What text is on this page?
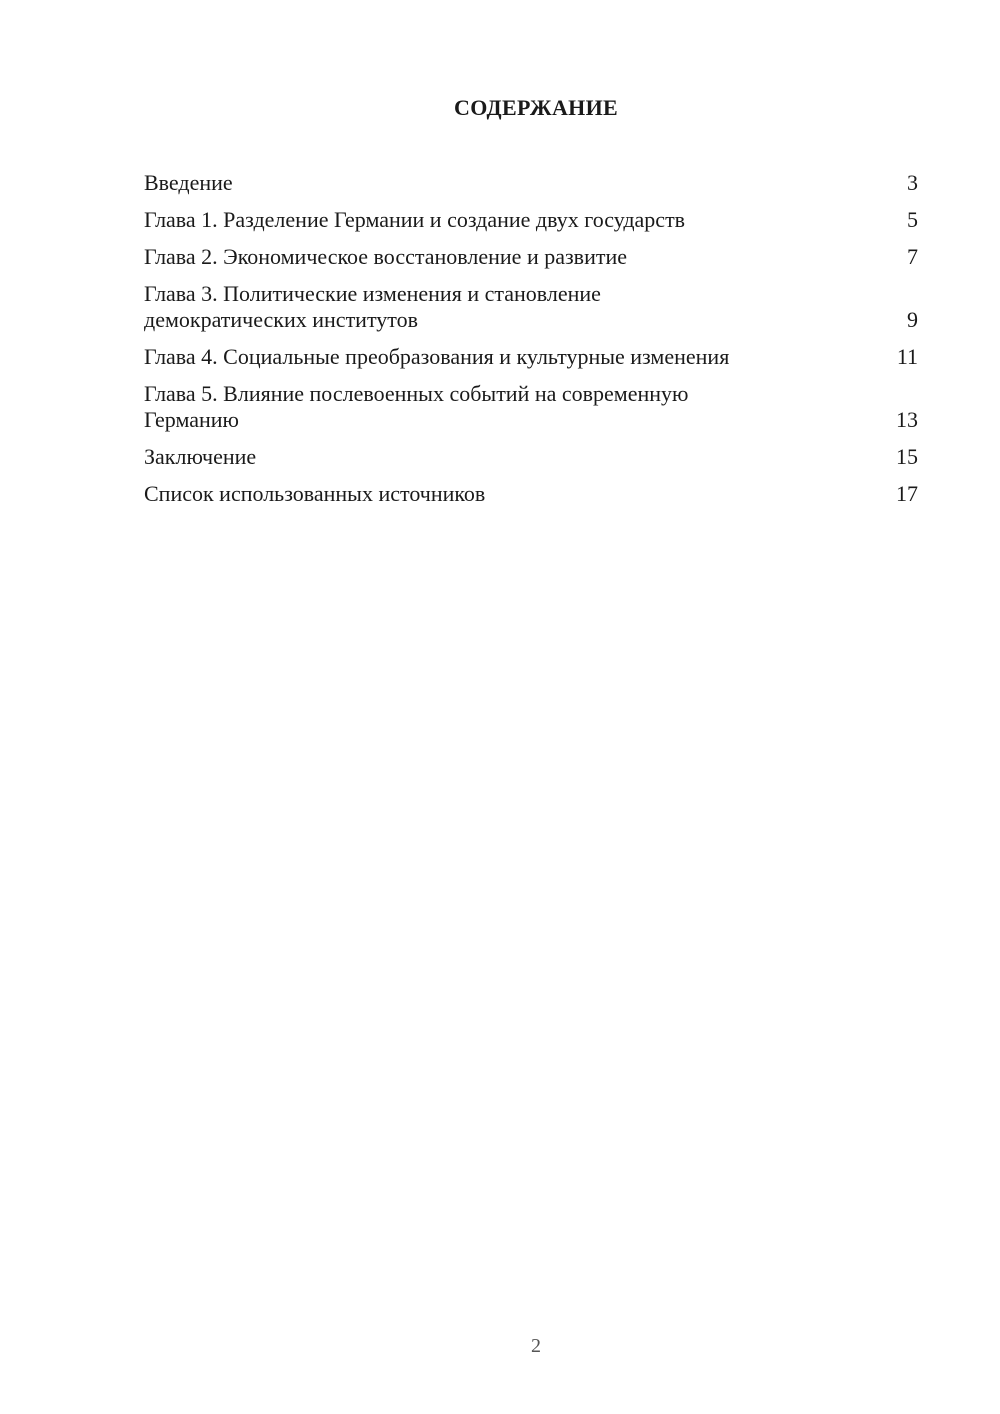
СОДЕРЖАНИЕ
Введение	3
Глава 1. Разделение Германии и создание двух государств	5
Глава 2. Экономическое восстановление и развитие	7
Глава 3. Политические изменения и становление демократических институтов	9
Глава 4. Социальные преобразования и культурные изменения	11
Глава 5. Влияние послевоенных событий на современную Германию	13
Заключение	15
Список использованных источников	17
2
